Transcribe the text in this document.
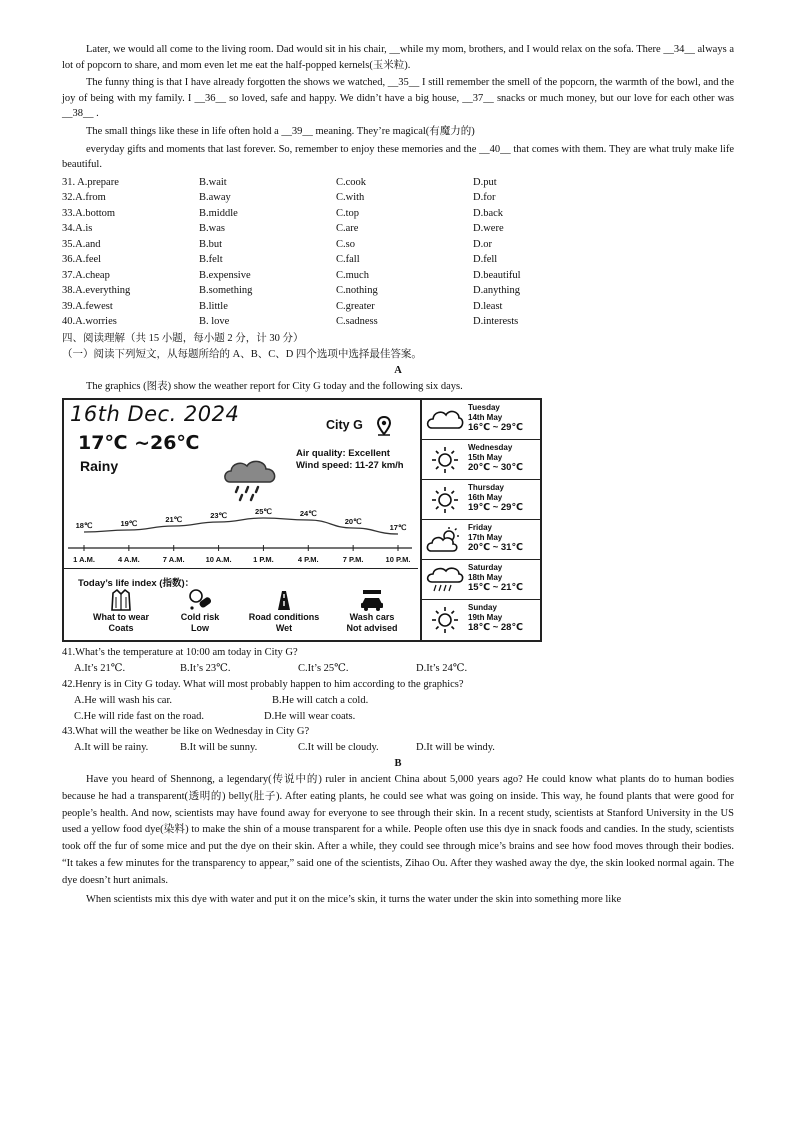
Later, we would all come to the living room. Dad would sit in his chair, __while my mom, brothers, and I would relax on the sofa. There __34__ always a lot of popcorn to share, and mom even let me eat the half-popped kernels(玉米粒).

The funny thing is that I have already forgotten the shows we watched, __35__ I still remember the smell of the popcorn, the warmth of the bowl, and the joy of being with my family. I __36__ so loved, safe and happy. We didn’t have a big house, __37__ snacks or much money, but our love for each other was __38__ .

The small things like these in life often hold a __39__ meaning. They’re magical(有魔力的)

everyday gifts and moments that last forever. So, remember to enjoy these memories and the __40__ that comes with them. They are what truly make life beautiful.

31. A.prepare	B.wait	C.cook	D.put
32.A.from	B.away	C.with	D.for
33.A.bottom	B.middle	C.top	D.back
34.A.is	B.was	C.are	D.were
35.A.and	B.but	C.so	D.or
36.A.feel	B.felt	C.fall	D.fell
37.A.cheap	B.expensive	C.much	D.beautiful
38.A.everything	B.something	C.nothing	D.anything
39.A.fewest	B.little	C.greater	D.least
40.A.worries	B. love	C.sadness	D.interests
四、阅读理解（共 15 小题，每小题 2 分，计 30 分）
（一）阅读下列短文，从每题所给的 A、B、C、D 四个选项中选择最佳答案。
A

The graphics (图表) show the weather report for City G today and the following six days.

16th Dec. 2024
17℃ ~26℃
Rainy
City G
Air quality: Excellent
Wind speed: 11-27 km/h
18℃
1 A.M.
19℃
4 A.M.
21℃
7 A.M.
23℃
10 A.M.
25℃
1 P.M.
24℃
4 P.M.
20℃
7 P.M.
17℃
10 P.M.
Today’s life index (指数)：
What to wear
Coats
Cold risk
Low
Road conditions
Wet
Wash cars
Not advised
Tuesday
14th May
16℃ ~ 29℃
Wednesday
15th May
20℃ ~ 30℃
Thursday
16th May
19℃ ~ 29℃
Friday
17th May
20℃ ~ 31℃
Saturday
18th May
15℃ ~ 21℃
Sunday
19th May
18℃ ~ 28℃
41.What’s the temperature at 10:00 am today in City G?
A.It’s 21℃.	B.It’s 23℃.	C.It’s 25℃.	D.It’s 24℃.
42.Henry is in City G today. What will most probably happen to him according to the graphics?
A.He will wash his car.	B.He will catch a cold.
C.He will ride fast on the road.	D.He will wear coats.
43.What will the weather be like on Wednesday in City G?
A.It will be rainy.	B.It will be sunny.	C.It will be cloudy.	D.It will be windy.
B

Have you heard of Shennong, a legendary(传说中的) ruler in ancient China about 5,000 years ago? He could know what plants do to human bodies because he had a transparent(透明的) belly(肚子). After eating plants, he could see what was going on inside. This way, he found plants that were good for people’s health. And now, scientists may have found away for everyone to see through their skin. In a recent study, scientists at Stanford University in the US used a yellow food dye(染料) to make the shin of a mouse transparent for a while. People often use this dye in snack foods and candies. In the study, scientists took off the fur of some mice and put the dye on their skin. After a while, they could see through mice’s brains and see how food moves through their bodies. “It takes a few minutes for the transparency to appear,” said one of the scientists, Zihao Ou. After they washed away the dye, the skin looked normal again. The dye doesn’t hurt animals.

When scientists mix this dye with water and put it on the mice’s skin, it turns the water under the skin into something more like
